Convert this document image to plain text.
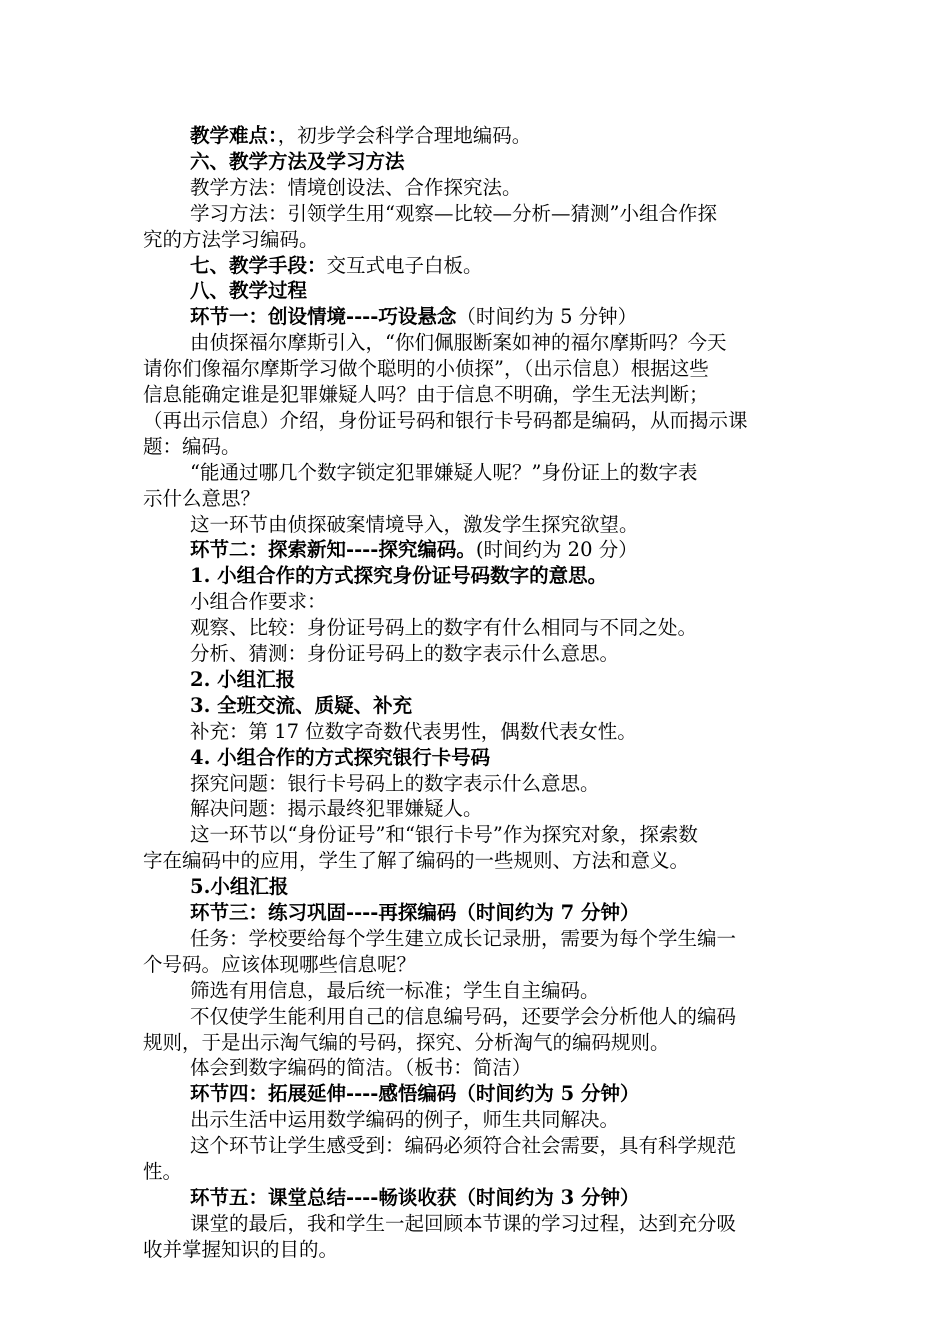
教学难点：，初步学会科学合理地编码。
六、教学方法及学习方法
教学方法：情境创设法、合作探究法。
学习方法：引领学生用“观察—比较—分析—猜测”小组合作探
究的方法学习编码。
七、教学手段：交互式电子白板。
八、教学过程
环节一：创设情境----巧设悬念（时间约为 5 分钟）
由侦探福尔摩斯引入，“你们佩服断案如神的福尔摩斯吗？今天
请你们像福尔摩斯学习做个聪明的小侦探”，（出示信息）根据这些
信息能确定谁是犯罪嫌疑人吗？由于信息不明确，学生无法判断；
（再出示信息）介绍，身份证号码和银行卡号码都是编码，从而揭示课
题：编码。
“能通过哪几个数字锁定犯罪嫌疑人呢？”身份证上的数字表
示什么意思？
这一环节由侦探破案情境导入，激发学生探究欲望。
环节二：探索新知----探究编码。(时间约为 20 分）
1. 小组合作的方式探究身份证号码数字的意思。
小组合作要求：
观察、比较：身份证号码上的数字有什么相同与不同之处。
分析、猜测：身份证号码上的数字表示什么意思。
2. 小组汇报
3. 全班交流、质疑、补充
补充：第 17 位数字奇数代表男性，偶数代表女性。
4. 小组合作的方式探究银行卡号码
探究问题：银行卡号码上的数字表示什么意思。
解决问题：揭示最终犯罪嫌疑人。
这一环节以“身份证号”和“银行卡号”作为探究对象，探索数
字在编码中的应用，学生了解了编码的一些规则、方法和意义。
5.小组汇报
环节三：练习巩固----再探编码（时间约为 7 分钟）
任务：学校要给每个学生建立成长记录册，需要为每个学生编一
个号码。应该体现哪些信息呢？
筛选有用信息，最后统一标准；学生自主编码。
不仅使学生能利用自己的信息编号码，还要学会分析他人的编码
规则，于是出示淘气编的号码，探究、分析淘气的编码规则。
体会到数字编码的简洁。（板书：简洁）
环节四：拓展延伸----感悟编码（时间约为 5 分钟）
出示生活中运用数学编码的例子，师生共同解决。
这个环节让学生感受到：编码必须符合社会需要，具有科学规范
性。
环节五：课堂总结----畅谈收获（时间约为 3 分钟）
课堂的最后，我和学生一起回顾本节课的学习过程，达到充分吸
收并掌握知识的目的。
